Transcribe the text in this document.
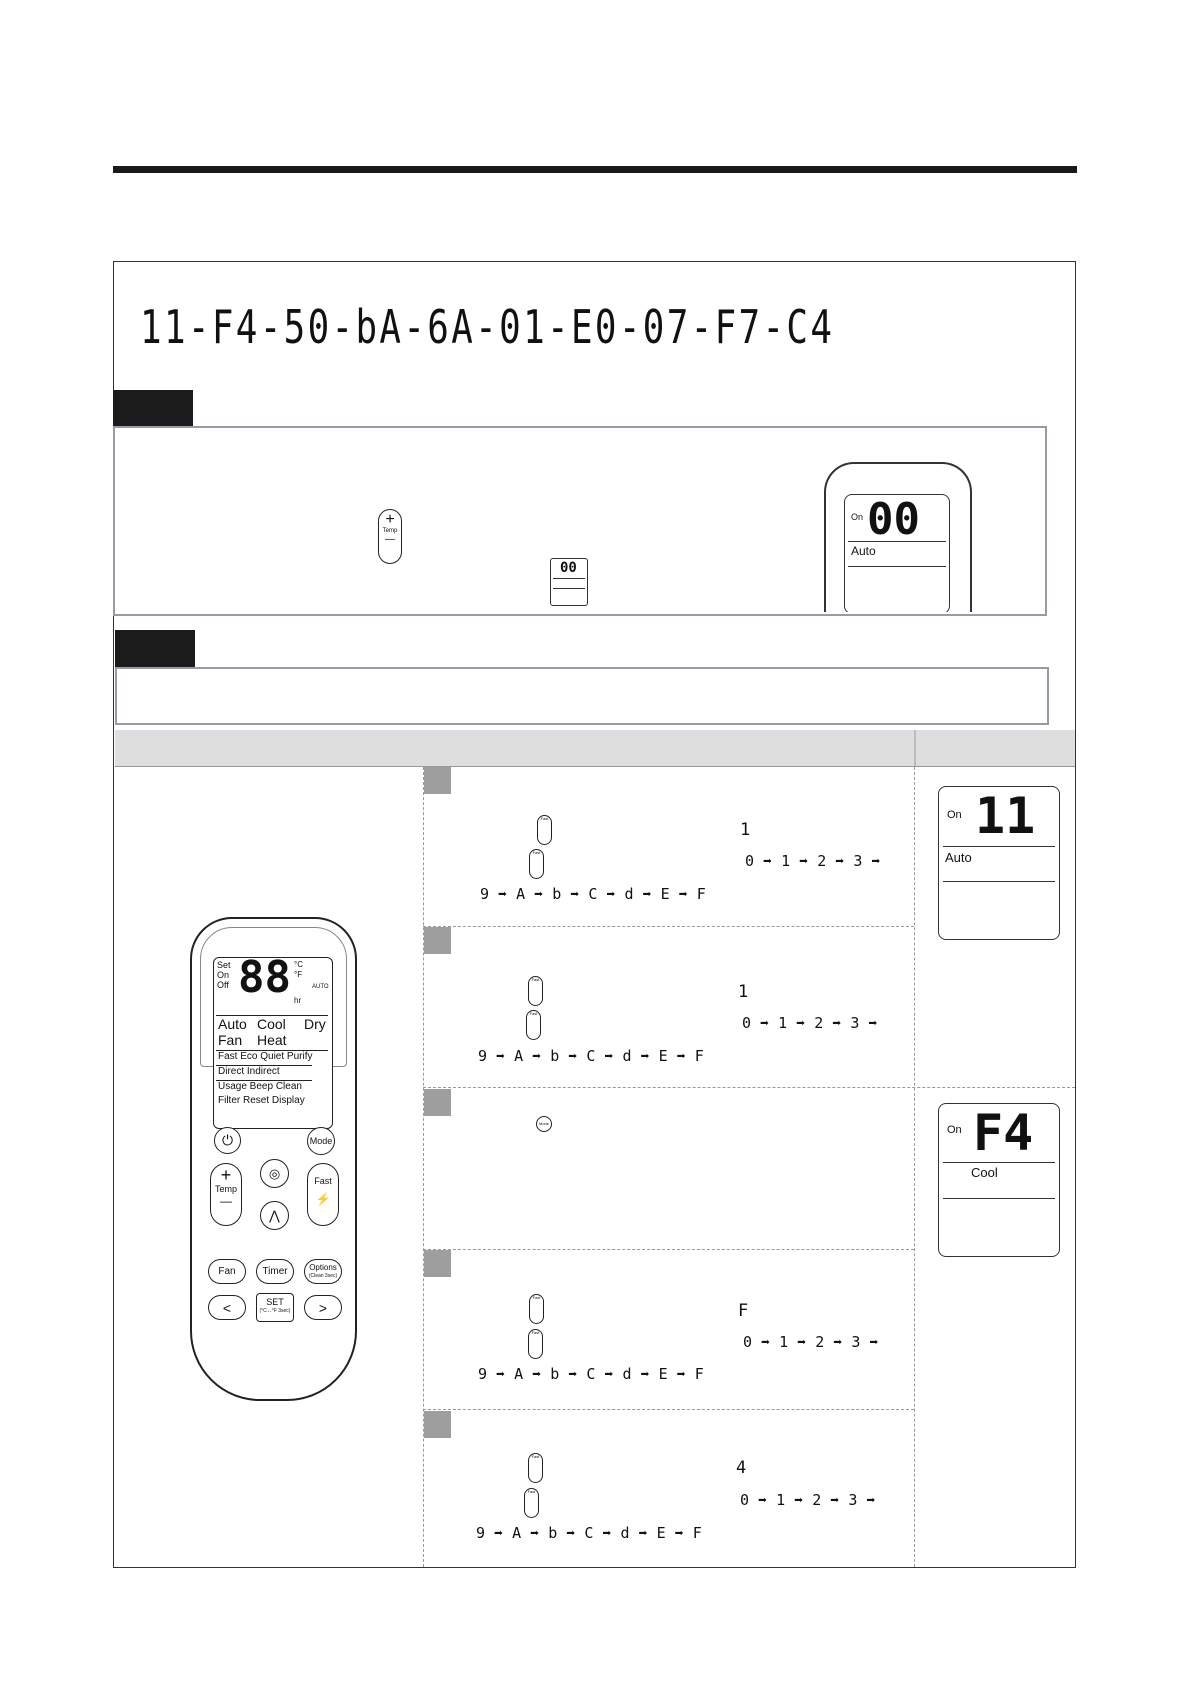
11-F4-50-bA-6A-01-E0-07-F7-C4
+
Temp
—
00
On 00
Auto
Fast
Fast
9 ➡ A ➡ b ➡ C ➡ d ➡ E ➡ F
1
0 ➡ 1 ➡ 2 ➡ 3 ➡
Fast
Fast
9 ➡ A ➡ b ➡ C ➡ d ➡ E ➡ F
1
0 ➡ 1 ➡ 2 ➡ 3 ➡
Mode
Fast
Fast
9 ➡ A ➡ b ➡ C ➡ d ➡ E ➡ F
F
0 ➡ 1 ➡ 2 ➡ 3 ➡
Fast
Fast
9 ➡ A ➡ b ➡ C ➡ d ➡ E ➡ F
4
0 ➡ 1 ➡ 2 ➡ 3 ➡
On 11
Auto
On F4
Cool
Set
On
Off 88 °C
°F
hr
AUTO
Auto Cool Dry
Fan Heat
Fast Eco Quiet Purify
Direct Indirect
Usage Beep Clean
Filter Reset Display
⏻	Mode
+
Temp
—
◎
⋀
Fast
⚡
Fan	Timer	Options
(Clean 3sec)
<	SET
(°C↔°F 3sec) >
